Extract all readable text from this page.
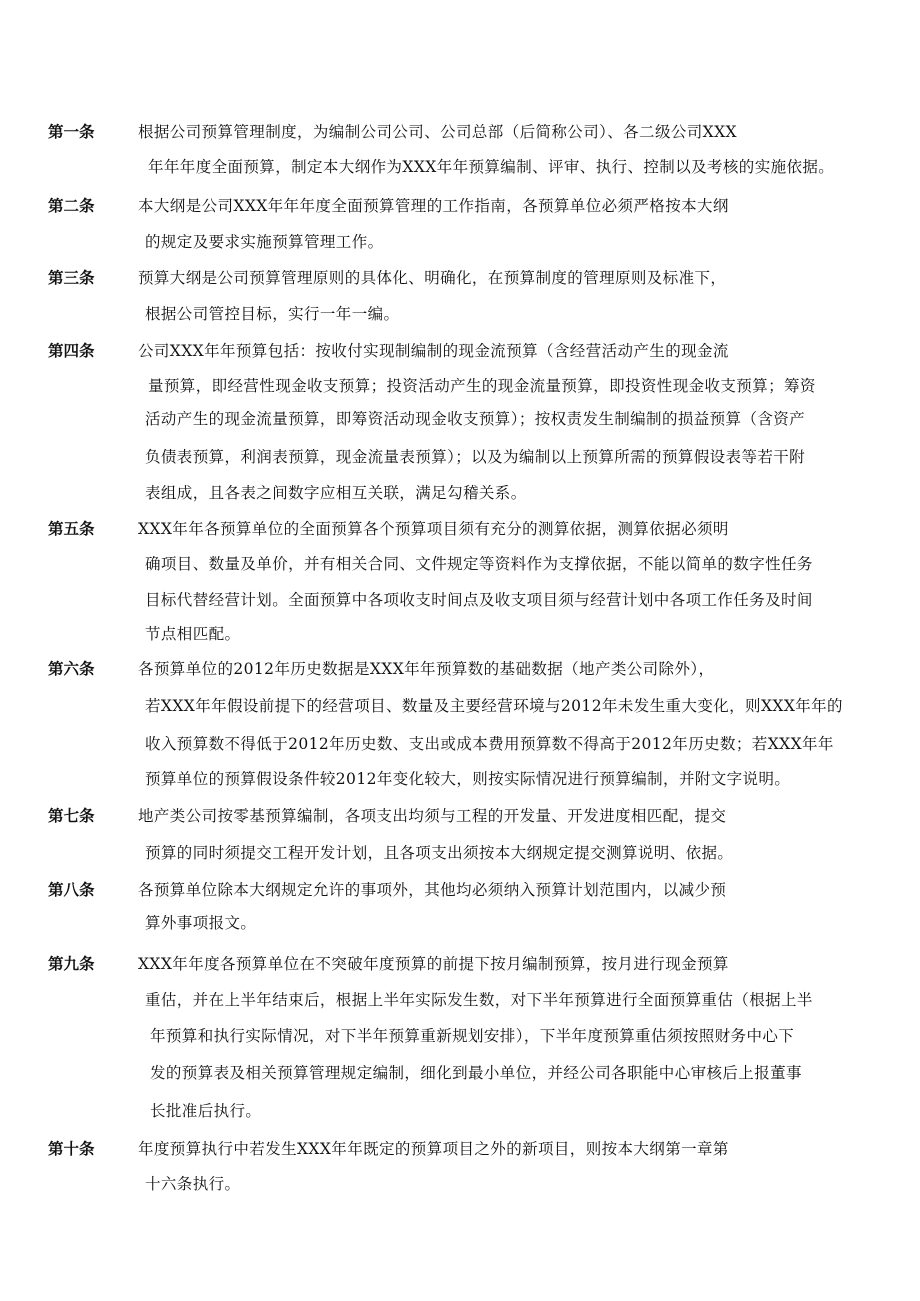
第一条	根据公司预算管理制度，为编制公司公司、公司总部（后简称公司）、各二级公司XXX
年年年度全面预算，制定本大纲作为XXX年年预算编制、评审、执行、控制以及考核的实施依据。
第二条	本大纲是公司XXX年年年度全面预算管理的工作指南，各预算单位必须严格按本大纲
的规定及要求实施预算管理工作。
第三条	预算大纲是公司预算管理原则的具体化、明确化，在预算制度的管理原则及标准下，
根据公司管控目标，实行一年一编。
第四条	公司XXX年年预算包括：按收付实现制编制的现金流预算（含经营活动产生的现金流
量预算，即经营性现金收支预算；投资活动产生的现金流量预算，即投资性现金收支预算；筹资
活动产生的现金流量预算，即筹资活动现金收支预算）；按权责发生制编制的损益预算（含资产
负债表预算，利润表预算，现金流量表预算）；以及为编制以上预算所需的预算假设表等若干附
表组成，且各表之间数字应相互关联，满足勾稽关系。
第五条	XXX年年各预算单位的全面预算各个预算项目须有充分的测算依据，测算依据必须明
确项目、数量及单价，并有相关合同、文件规定等资料作为支撑依据，不能以简单的数字性任务
目标代替经营计划。全面预算中各项收支时间点及收支项目须与经营计划中各项工作任务及时间
节点相匹配。
第六条	各预算单位的2012年历史数据是XXX年年预算数的基础数据（地产类公司除外），
若XXX年年假设前提下的经营项目、数量及主要经营环境与2012年未发生重大变化，则XXX年年的
收入预算数不得低于2012年历史数、支出或成本费用预算数不得高于2012年历史数；若XXX年年
预算单位的预算假设条件较2012年变化较大，则按实际情况进行预算编制，并附文字说明。
第七条	地产类公司按零基预算编制，各项支出均须与工程的开发量、开发进度相匹配，提交
预算的同时须提交工程开发计划，且各项支出须按本大纲规定提交测算说明、依据。
第八条	各预算单位除本大纲规定允许的事项外，其他均必须纳入预算计划范围内，以减少预
算外事项报文。
第九条	XXX年年度各预算单位在不突破年度预算的前提下按月编制预算，按月进行现金预算
重估，并在上半年结束后，根据上半年实际发生数，对下半年预算进行全面预算重估（根据上半
年预算和执行实际情况，对下半年预算重新规划安排），下半年度预算重估须按照财务中心下
发的预算表及相关预算管理规定编制，细化到最小单位，并经公司各职能中心审核后上报董事
长批准后执行。
第十条	年度预算执行中若发生XXX年年既定的预算项目之外的新项目，则按本大纲第一章第
十六条执行。
